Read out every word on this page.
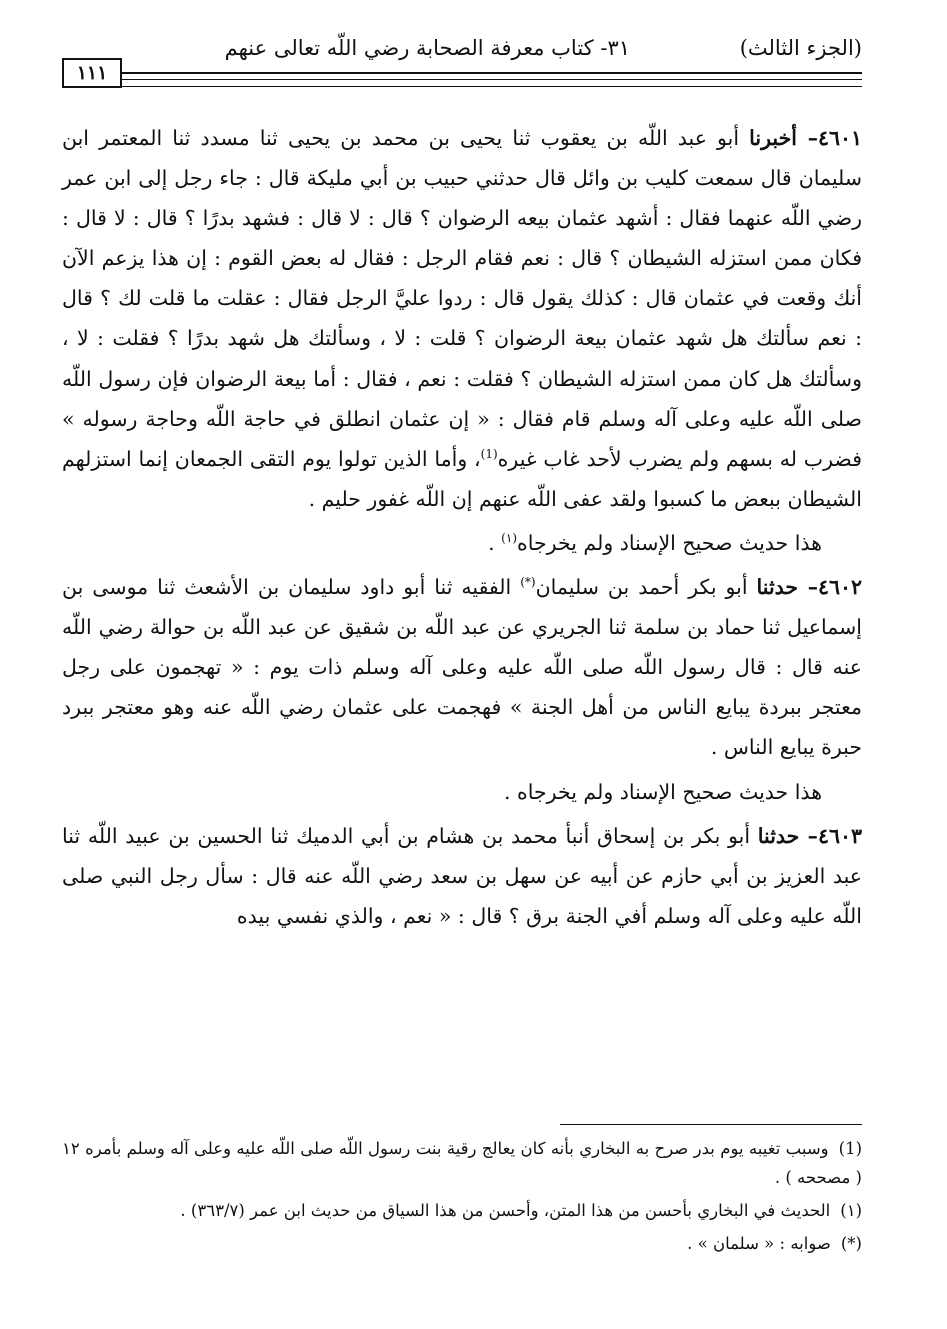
(الجزء الثالث)
٣١- كتاب معرفة الصحابة رضي اللّه تعالى عنهم
١١١

٤٦٠١– أخبرنا أبو عبد اللّه بن يعقوب ثنا يحيى بن محمد بن يحيى ثنا مسدد ثنا المعتمر ابن سليمان قال سمعت كليب بن وائل قال حدثني حبيب بن أبي مليكة قال : جاء رجل إلى ابن عمر رضي اللّه عنهما فقال : أشهد عثمان بيعه الرضوان ؟ قال : لا قال : فشهد بدرًا ؟ قال : لا قال : فكان ممن استزله الشيطان ؟ قال : نعم فقام الرجل : فقال له بعض القوم : إن هذا يزعم الآن أنك وقعت في عثمان قال : كذلك يقول قال : ردوا عليَّ الرجل فقال : عقلت ما قلت لك ؟ قال : نعم سألتك هل شهد عثمان بيعة الرضوان ؟ قلت : لا ، وسألتك هل شهد بدرًا ؟ فقلت : لا ، وسألتك هل كان ممن استزله الشيطان ؟ فقلت : نعم ، فقال : أما بيعة الرضوان فإن رسول اللّه صلى اللّه عليه وعلى آله وسلم قام فقال : « إن عثمان انطلق في حاجة اللّه وحاجة رسوله » فضرب له بسهم ولم يضرب لأحد غاب غيره$^{(1)}$، وأما الذين تولوا يوم التقى الجمعان إنما استزلهم الشيطان ببعض ما كسبوا ولقد عفى اللّه عنهم إن اللّه غفور حليم .

هذا حديث صحيح الإسناد ولم يخرجاه$^{(١)}$ .

٤٦٠٢– حدثنا أبو بكر أحمد بن سليمان(*) الفقيه ثنا أبو داود سليمان بن الأشعث ثنا موسى بن إسماعيل ثنا حماد بن سلمة ثنا الجريري عن عبد اللّه بن شقيق عن عبد اللّه بن حوالة رضي اللّه عنه قال : قال رسول اللّه صلى اللّه عليه وعلى آله وسلم ذات يوم : « تهجمون على رجل معتجر ببردة يبايع الناس من أهل الجنة » فهجمت على عثمان رضي اللّه عنه وهو معتجر ببرد حبرة يبايع الناس .

هذا حديث صحيح الإسناد ولم يخرجاه .

٤٦٠٣– حدثنا أبو بكر بن إسحاق أنبأ محمد بن هشام بن أبي الدميك ثنا الحسين بن عبيد اللّه ثنا عبد العزيز بن أبي حازم عن أبيه عن سهل بن سعد رضي اللّه عنه قال : سأل رجل النبي صلى اللّه عليه وعلى آله وسلم أفي الجنة برق ؟ قال : « نعم ، والذي نفسي بيده

(1)وسبب تغيبه يوم بدر صرح به البخاري بأنه كان يعالج رقية بنت رسول اللّه صلى اللّه عليه وعلى آله وسلم بأمره ١٢ ( مصححه ) .

(١)الحديث في البخاري بأحسن من هذا المتن، وأحسن من هذا السياق من حديث ابن عمر (٣٦٣/٧) .

(*)صوابه : « سلمان » .
